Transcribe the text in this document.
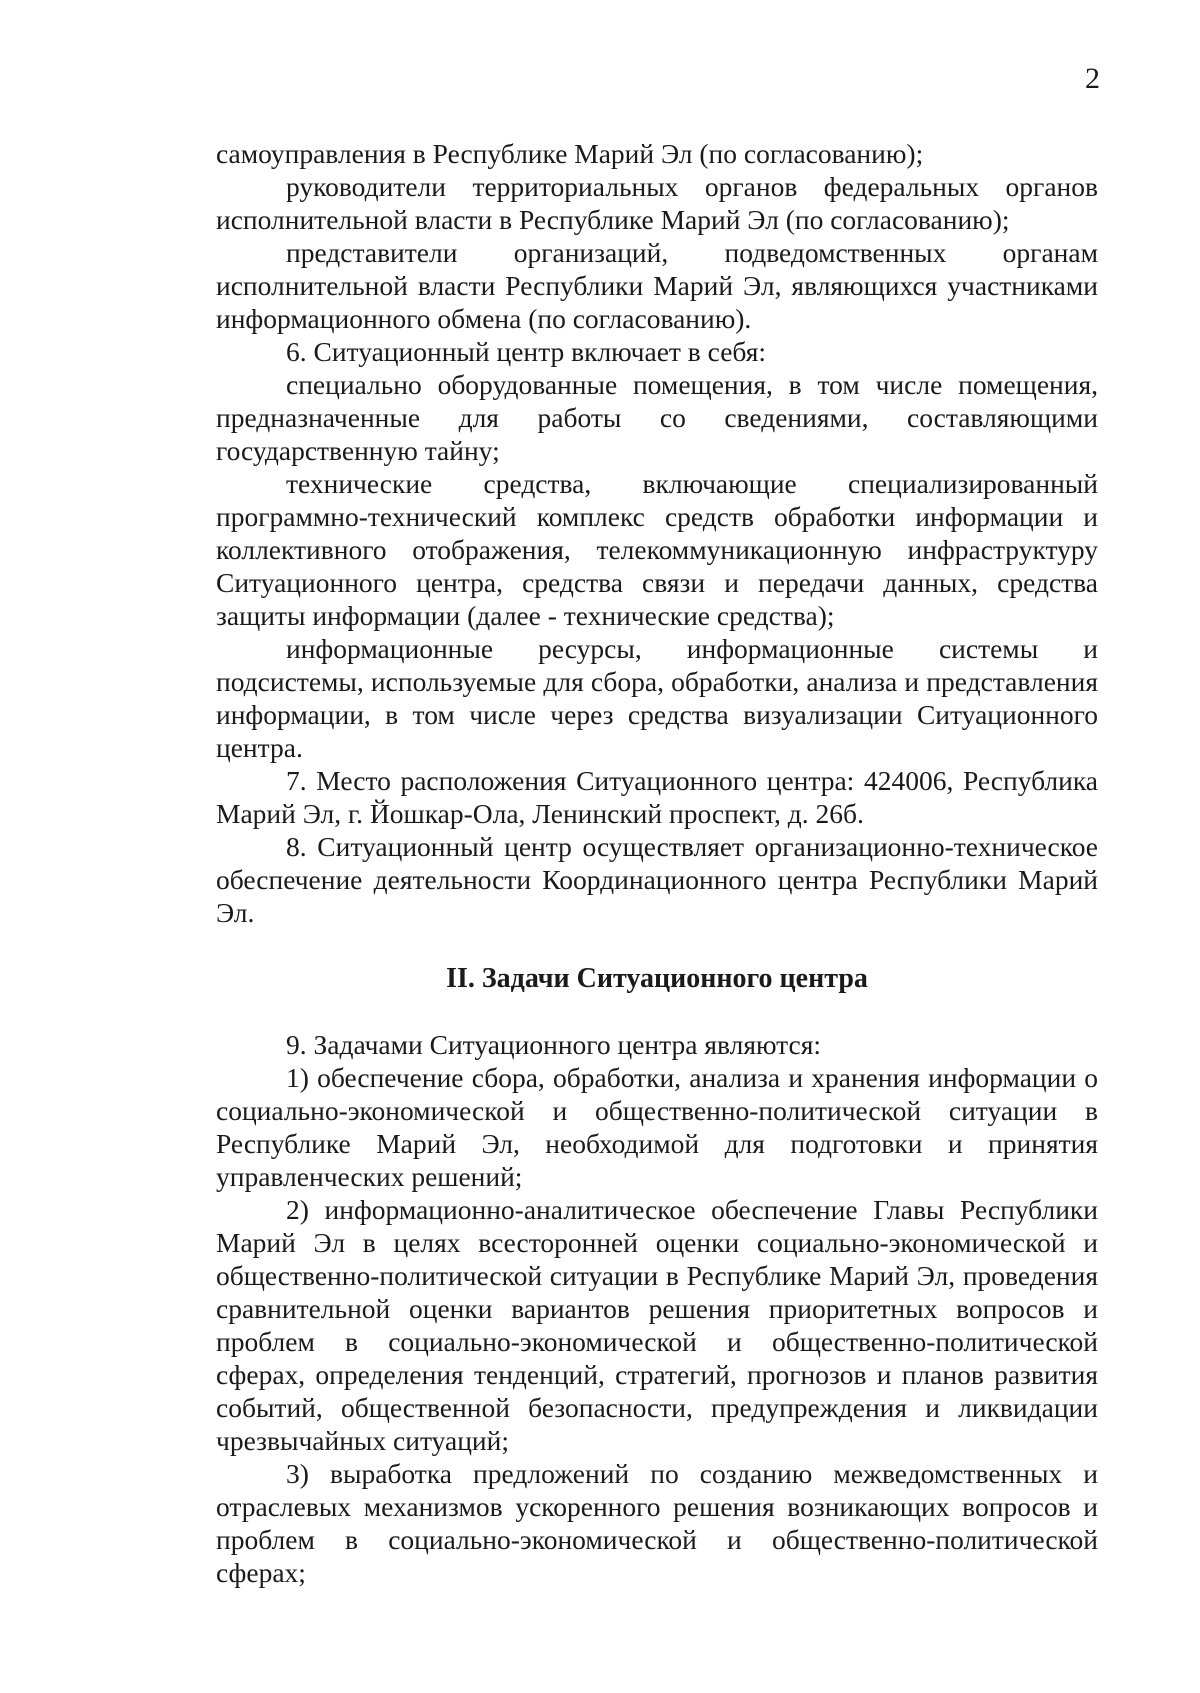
2

самоуправления в Республике Марий Эл (по согласованию);

руководители территориальных органов федеральных органов исполнительной власти в Республике Марий Эл (по согласованию);

представители организаций, подведомственных органам исполнительной власти Республики Марий Эл, являющихся участниками информационного обмена (по согласованию).

6. Ситуационный центр включает в себя:

специально оборудованные помещения, в том числе помещения, предназначенные для работы со сведениями, составляющими государственную тайну;

технические средства, включающие специализированный программно-технический комплекс средств обработки информации и коллективного отображения, телекоммуникационную инфраструктуру Ситуационного центра, средства связи и передачи данных, средства защиты информации (далее - технические средства);

информационные ресурсы, информационные системы и подсистемы, используемые для сбора, обработки, анализа и представления информации, в том числе через средства визуализации Ситуационного центра.

7. Место расположения Ситуационного центра: 424006, Республика Марий Эл, г. Йошкар-Ола, Ленинский проспект, д. 26б.

8. Ситуационный центр осуществляет организационно-техническое обеспечение деятельности Координационного центра Республики Марий Эл.

II. Задачи Ситуационного центра

9. Задачами Ситуационного центра являются:

1) обеспечение сбора, обработки, анализа и хранения информации о социально-экономической и общественно-политической ситуации в Республике Марий Эл, необходимой для подготовки и принятия управленческих решений;

2) информационно-аналитическое обеспечение Главы Республики Марий Эл в целях всесторонней оценки социально-экономической и общественно-политической ситуации в Республике Марий Эл, проведения сравнительной оценки вариантов решения приоритетных вопросов и проблем в социально-экономической и общественно-политической сферах, определения тенденций, стратегий, прогнозов и планов развития событий, общественной безопасности, предупреждения и ликвидации чрезвычайных ситуаций;

3) выработка предложений по созданию межведомственных и отраслевых механизмов ускоренного решения возникающих вопросов и проблем в социально-экономической и общественно-политической сферах;
